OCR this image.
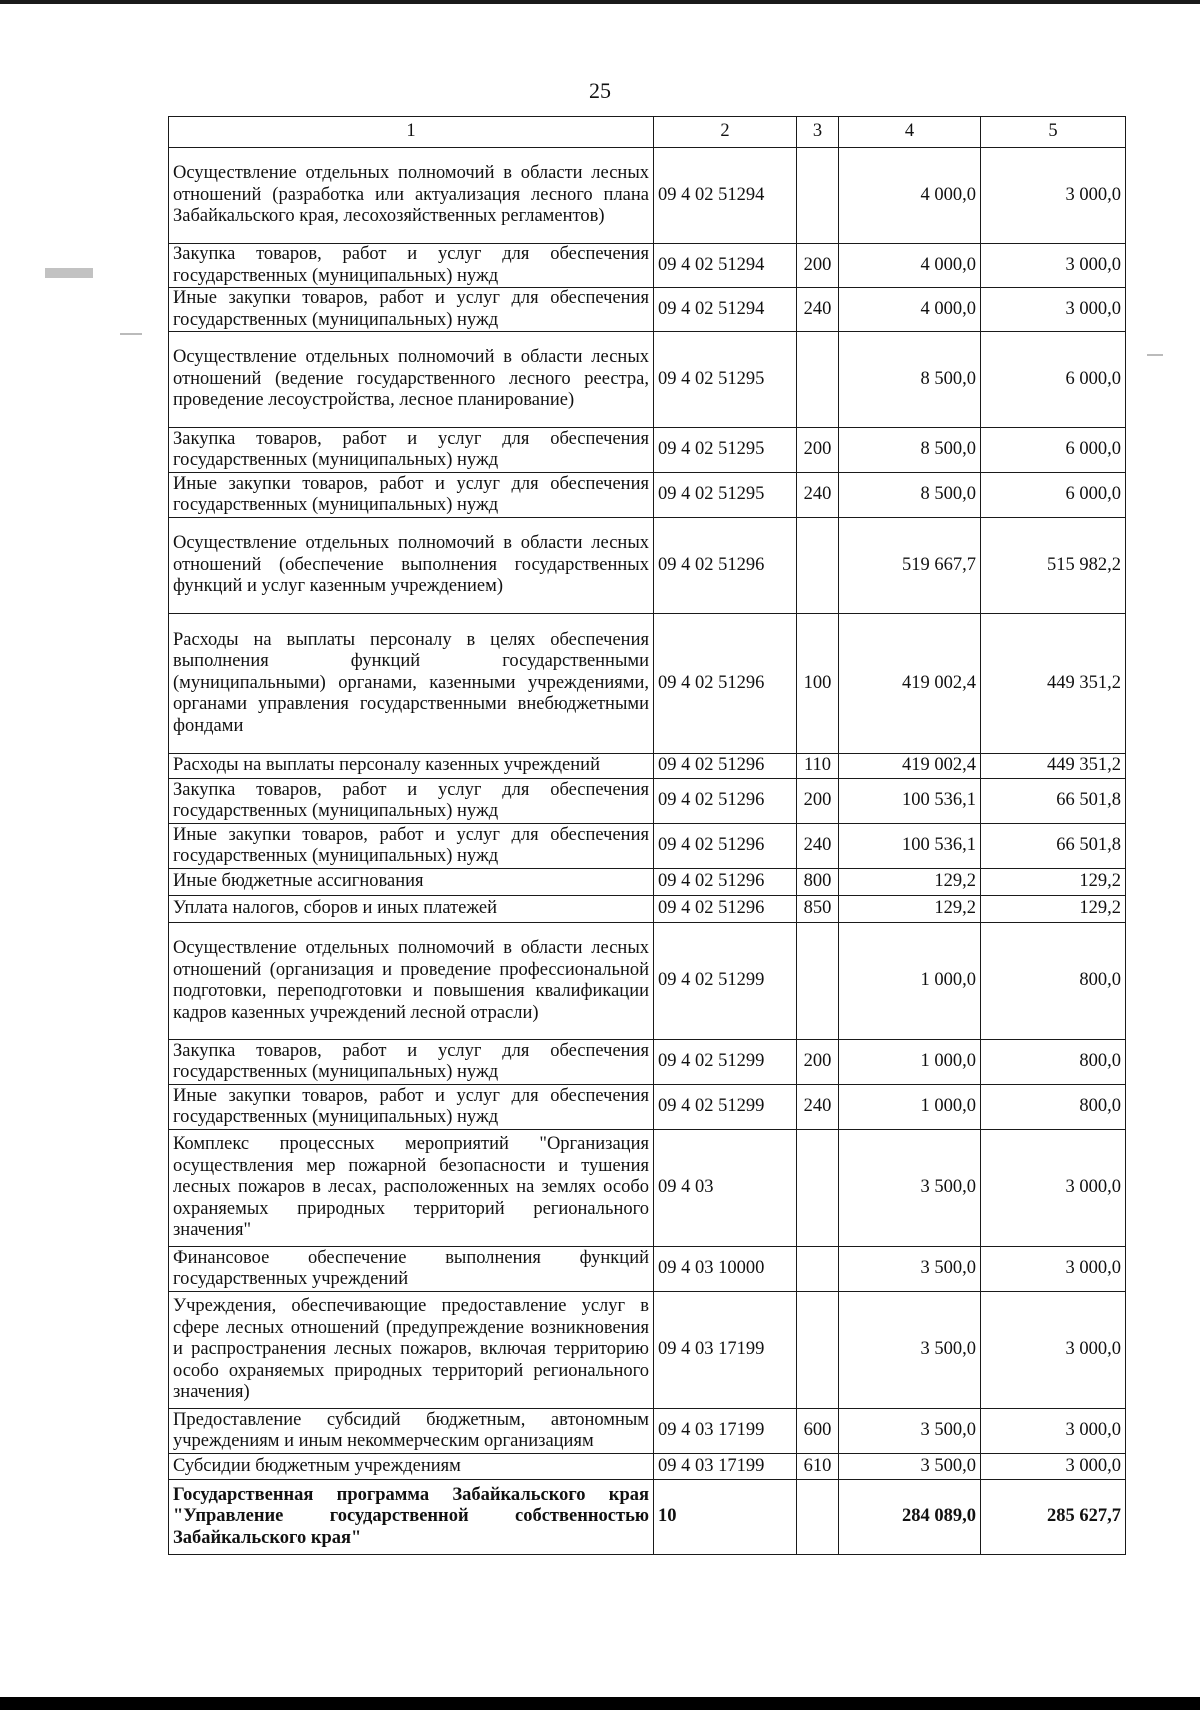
25
1	2	3	4	5
Осуществление отдельных полномочий в области лесных отношений (разработка или актуализация лесного плана Забайкальского края, лесохозяйственных регламентов)	09 4 02 51294		4 000,0	3 000,0
Закупка товаров, работ и услуг для обеспечения государственных (муниципальных) нужд	09 4 02 51294	200	4 000,0	3 000,0
Иные закупки товаров, работ и услуг для обеспечения государственных (муниципальных) нужд	09 4 02 51294	240	4 000,0	3 000,0
Осуществление отдельных полномочий в области лесных отношений (ведение государственного лесного реестра, проведение лесоустройства, лесное планирование)	09 4 02 51295		8 500,0	6 000,0
Закупка товаров, работ и услуг для обеспечения государственных (муниципальных) нужд	09 4 02 51295	200	8 500,0	6 000,0
Иные закупки товаров, работ и услуг для обеспечения государственных (муниципальных) нужд	09 4 02 51295	240	8 500,0	6 000,0
Осуществление отдельных полномочий в области лесных отношений (обеспечение выполнения государственных функций и услуг казенным учреждением)	09 4 02 51296		519 667,7	515 982,2
Расходы на выплаты персоналу в целях обеспечения выполнения функций государственными (муниципальными) органами, казенными учреждениями, органами управления государственными внебюджетными фондами	09 4 02 51296	100	419 002,4	449 351,2
Расходы на выплаты персоналу казенных учреждений	09 4 02 51296	110	419 002,4	449 351,2
Закупка товаров, работ и услуг для обеспечения государственных (муниципальных) нужд	09 4 02 51296	200	100 536,1	66 501,8
Иные закупки товаров, работ и услуг для обеспечения государственных (муниципальных) нужд	09 4 02 51296	240	100 536,1	66 501,8
Иные бюджетные ассигнования	09 4 02 51296	800	129,2	129,2
Уплата налогов, сборов и иных платежей	09 4 02 51296	850	129,2	129,2
Осуществление отдельных полномочий в области лесных отношений (организация и проведение профессиональной подготовки, переподготовки и повышения квалификации кадров казенных учреждений лесной отрасли)	09 4 02 51299		1 000,0	800,0
Закупка товаров, работ и услуг для обеспечения государственных (муниципальных) нужд	09 4 02 51299	200	1 000,0	800,0
Иные закупки товаров, работ и услуг для обеспечения государственных (муниципальных) нужд	09 4 02 51299	240	1 000,0	800,0
Комплекс процессных мероприятий "Организация осуществления мер пожарной безопасности и тушения лесных пожаров в лесах, расположенных на землях особо охраняемых природных территорий регионального значения"	09 4 03		3 500,0	3 000,0
Финансовое обеспечение выполнения функций государственных учреждений	09 4 03 10000		3 500,0	3 000,0
Учреждения, обеспечивающие предоставление услуг в сфере лесных отношений (предупреждение возникновения и распространения лесных пожаров, включая территорию особо охраняемых природных территорий регионального значения)	09 4 03 17199		3 500,0	3 000,0
Предоставление субсидий бюджетным, автономным учреждениям и иным некоммерческим организациям	09 4 03 17199	600	3 500,0	3 000,0
Субсидии бюджетным учреждениям	09 4 03 17199	610	3 500,0	3 000,0
Государственная программа Забайкальского края "Управление государственной собственностью Забайкальского края"	10		284 089,0	285 627,7
